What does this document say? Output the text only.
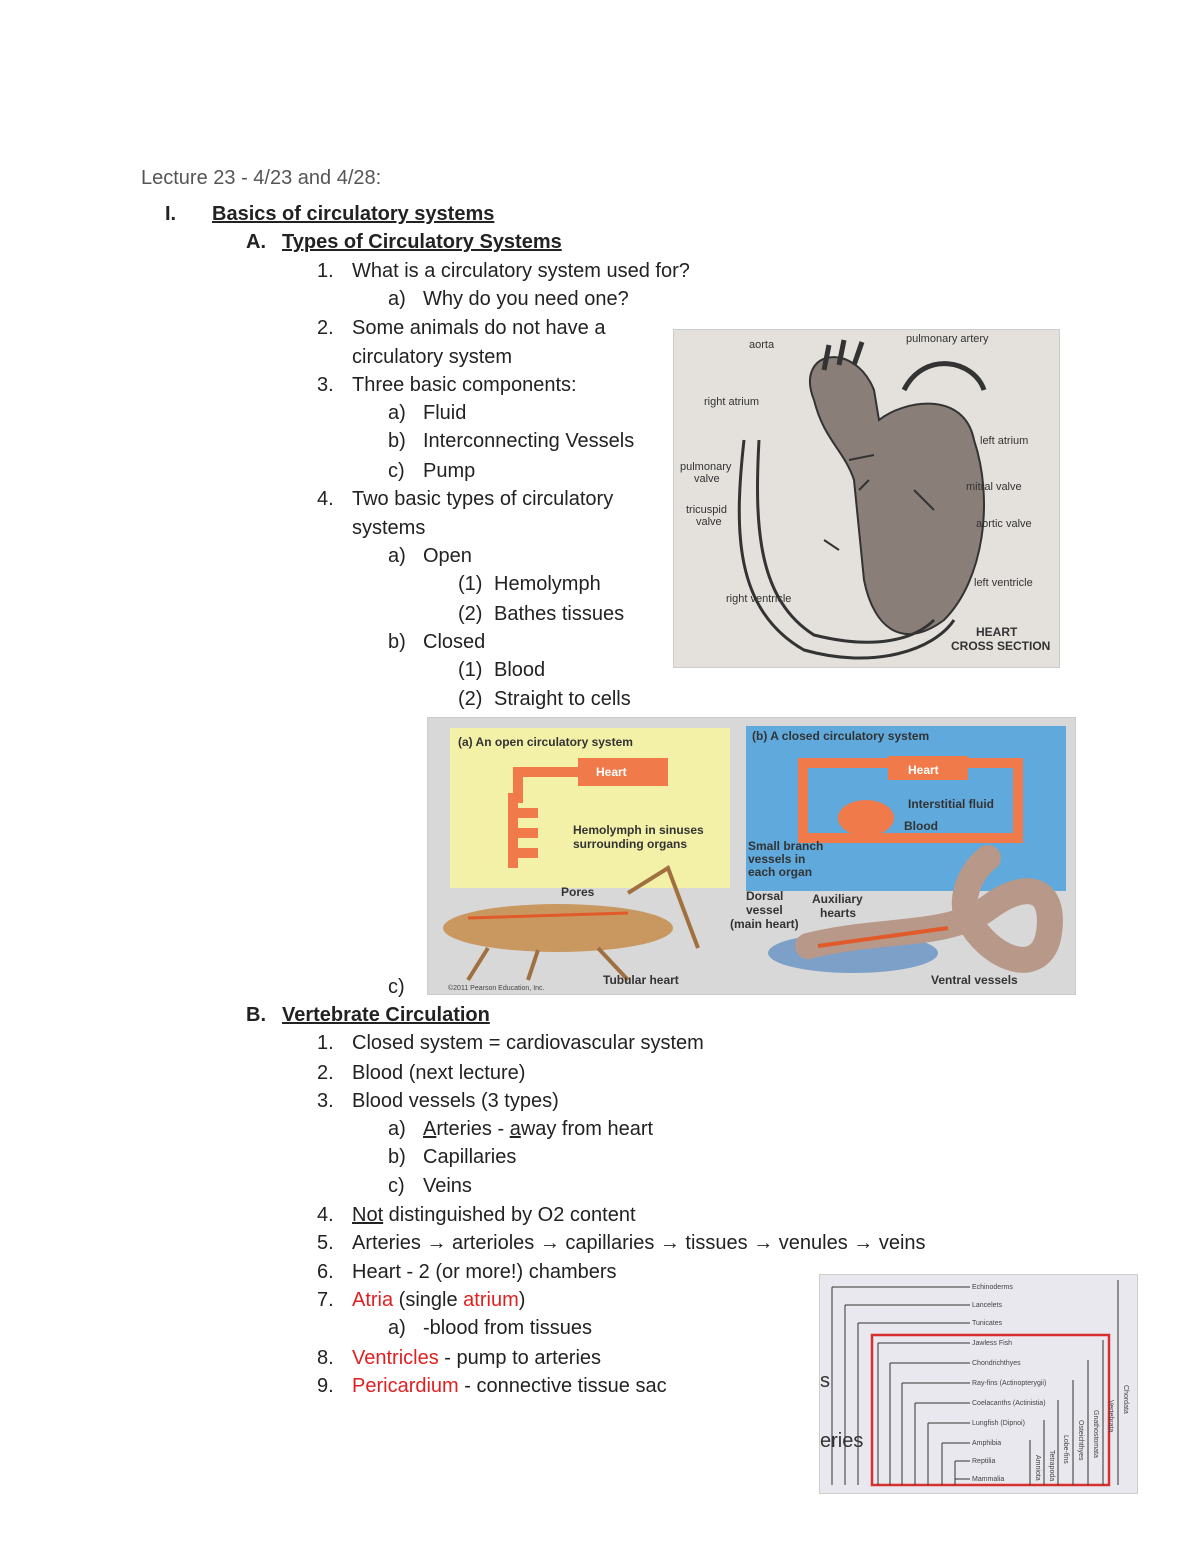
Lecture 23 - 4/23 and 4/28:
I. Basics of circulatory systems
A. Types of Circulatory Systems
1. What is a circulatory system used for?
a) Why do you need one?
2. Some animals do not have a
circulatory system
3. Three basic components:
a) Fluid
b) Interconnecting Vessels
c) Pump
4. Two basic types of circulatory
systems
a) Open
(1) Hemolymph
(2) Bathes tissues
b) Closed
(1) Blood
(2) Straight to cells
c)
B. Vertebrate Circulation
1. Closed system = cardiovascular system
2. Blood (next lecture)
3. Blood vessels (3 types)
a) Arteries - away from heart
b) Capillaries
c) Veins
4. Not distinguished by O2 content
5. Arteries → arterioles → capillaries → tissues → venules → veins
6. Heart - 2 (or more!) chambers
7. Atria (single atrium)
a) -blood from tissues
8. Ventricles - pump to arteries
9. Pericardium - connective tissue sac
aorta	pulmonary artery
right atrium
left atrium
pulmonary
valve
mitral valve
tricuspid
valve	aortic valve
left ventricle
right ventricle
HEART
CROSS SECTION
(a) An open circulatory system	(b) A closed circulatory system
Heart
Hemolymph in sinuses
surrounding organs
Heart
Interstitial fluid
Blood
Small branch
vessels in
each organ
Pores
Tubular heart
©2011 Pearson Education, Inc.
Dorsal
vessel
(main heart)
Auxiliary
hearts
Ventral vessels
Echinoderms
Lancelets
Tunicates
Jawless Fish
Chondrichthyes
Ray-fins (Actinopterygii)
Coelacanths (Actinistia)
Lungfish (Dipnoi)
Amphibia
Reptilia
Mammalia
Chordata
Vertebrata
Gnathostomata
Osteichthyes
Lobe-fins
Tetrapoda
Amniota
s
eries
